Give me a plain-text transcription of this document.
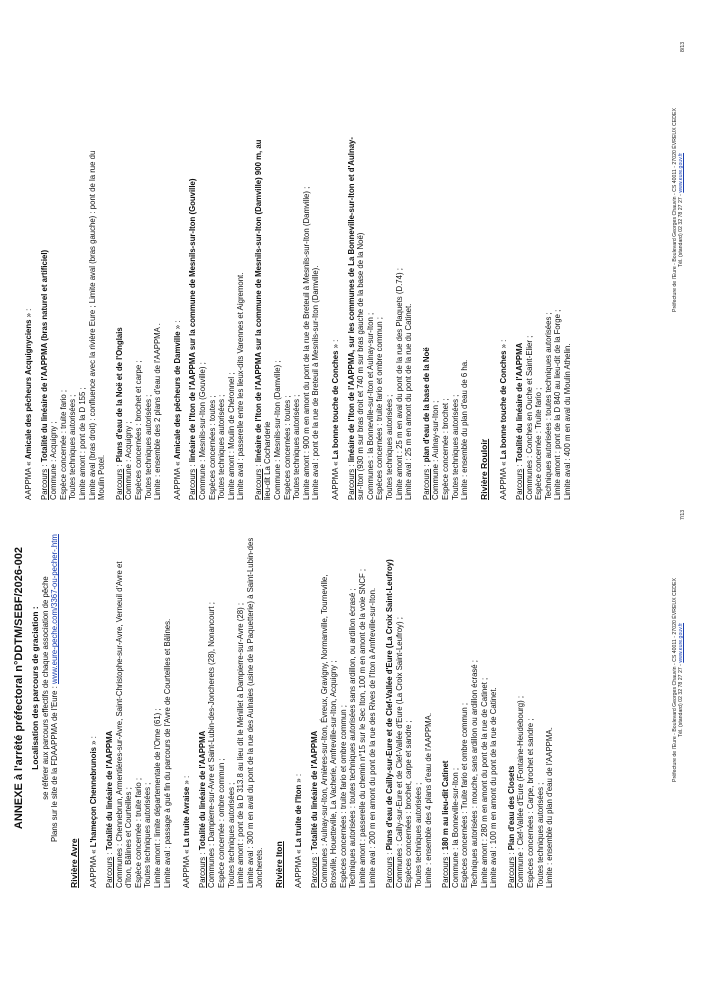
ANNEXE à l'arrêté préfectoral n°DDTM/SEBF/2026-002 Localisation des parcours de graciation : se référer aux parcours effectifs de chaque association de pêche Plans sur le site de la FDAAPPMA de l'Eure : www.eure-peche.com/3367-ou-pecher-.htm

Rivière Avre AAPPMA « L'hameçon Chennebrunois » :

Parcours : Totalité du linéaire de l'AAPPMA Communes : Chennebrun, Armentières-sur-Avre, Saint-Christophe-sur-Avre, Verneuil d'Avre et d'Iton, Bâlines et Courteilles ; Espèce concernée : truite fario ; Toutes techniques autorisées ; Limite amont : limite départementale de l'Orne (61) ; Limite aval : passage à gué fin du parcours de l'Avre de Courteilles et Bâlines. AAPPMA « La truite Avraise » :

Parcours : Totalité du linéaire de l'AAPPMA Communes : Dampierre-sur-Avre et Saint-Lubin-des-Joncherets (28), Nonancourt ; Espèce concernée : ombre commun ; Toutes techniques autorisées ; Limite amont : pont de la D 313.8 au lieu dit le Ménillet à Dampierre-sur-Avre (28) ; Limite aval : 300 m en aval du pont de la rue des Aulnaies (usine de la Paquetterie) à Saint-Lubin-des Joncherets. Rivière Iton AAPPMA « La truite de l'Iton » :

Parcours : Totalité du linéaire de l'AAPPMA Communes : Aulnay-sur-Iton, Arnières-sur-Iton, Évreux, Gravigny, Normanville, Tourneville, Brosville, Houetteville, La Vacherie, Amfreville-sur-Iton, Acquigny ; Espèces concernées : truite fario et ombre commun ; Techniques autorisées : toutes techniques autorisées sans ardillon, ou ardillon écrasé ; Limite amont : passerelle du chemin n°15 sur le Sec Iton, 100 m en amont de la voie SNCF ; Limite aval : 200 m en amont du pont de la rue des Rives de l'Iton à Amfreville-sur-Iton. Parcours : Plans d'eau de Cailly-sur-Eure et de Clef-Vallée d'Eure (La Croix Saint-Leufroy) Communes : Cailly-sur-Eure et de Clef-Vallée d'Eure (La Croix Saint-Leufroy) ; Espèces concernées : brochet, carpe et sandre ; Toutes techniques autorisées ; Limite : ensemble des 4 plans d'eau de l'AAPPMA. Parcours : 180 m au lieu-dit Catinet Commune : la Bonneville-sur-Iton ; Espèces concernées : Truite fario et ombre commun ; Techniques autorisées : mouche, sans ardillon ou ardillon écrasé ; Limite amont : 280 m en amont du pont de la rue de Catinet ; Limite aval : 100 m en amont du pont de la rue de Catinet. Parcours : Plan d'eau des Closets Commune : Clef-Vallée d'Eure (Fontaine-Heudebourg) ; Espèces concernées : Carpe, brochet et sandre ; Toutes techniques autorisées ; Limite : ensemble du plan d'eau de l'AAPPMA.

Préfecture de l'Eure - Boulevard Georges Chauvin - CS 40011 - 27020 ÉVREUX CEDEX Tél. (standard) 02 32 78 27 27 - www.eure.gouv.fr
7/13
AAPPMA « Amicale des pêcheurs Acquignyciens » :

Parcours : Totalité du linéaire de l'AAPPMA (bras naturel et artificiel) Commune : Acquigny ; Espèce concernée : truite fario ; Toutes techniques autorisées ; Limite amont : pont de la D 155 ; Limite aval (bras droit) : confluence avec la rivière Eure ; Limite aval (bras gauche) : pont de la rue du Moulin Potel. Parcours : Plans d'eau de la Noë et de l'Onglais Commune : Acquigny ; Espèces concernées : brochet et carpe ; Toutes techniques autorisées ; Limite : ensemble des 2 plans d'eau de l'AAPPMA . AAPPMA « Amicale des pêcheurs de Damville » :

Parcours : linéaire de l'Iton de l'AAPPMA sur la commune de Mesnils-sur-Iton (Gouville) Commune : Mesnils-sur-Iton (Gouville) ; Espèces concernées : toutes ; Toutes techniques autorisées ; Limite amont : Moulin de Chéronnel ; Limite aval : passerelle entre les lieux-dits Varennes et Aigremont. Parcours : linéaire de l'Iton de l'AAPPMA sur la commune de Mesnils-sur-Iton (Damville) 900 m, au lieu-dit La Cocharderie Commune : Mesnils-sur-Iton (Damville) ; Espèces concernées : toutes ; Toutes techniques autorisées ; Limite amont : 900 m en amont du pont de la rue de Breteuil à Mesnils-sur-Iton (Damville) ; Limite aval : pont de la rue de Breteuil à Mesnils-sur-Iton (Damville). AAPPMA « La bonne touche de Conches » :

Parcours : linéaire de l'Iton de l'AAPPMA, sur les communes de La Bonneville-sur-Iton et d'Aulnay- sur-Iton (930 m sur bras droit et 740 m sur bras gauche de la base de la Noë) Communes : la Bonneville-sur-Iton et Aulnay-sur-Iton ; Espèces concernées : truite fario et ombre commun ; Toutes techniques autorisées ; Limite amont : 25 m en aval du pont de la rue des Plaquets (D.74) ; Limite aval : 25 m en amont du pont de la rue du Catinet. Parcours : plan d'eau de la base de la Noë Commune : Aulnay-sur-Iton ; Espèce concernée : brochet ; Toutes techniques autorisées ; Limite : ensemble du plan d'eau de 6 ha. Rivière Rouloir AAPPMA « La bonne touche de Conches » :

Parcours : Totalité du linéaire de l'AAPPMA Communes : Conches en Ouche et Saint-Elier ; Espèce concernée : Truite fario ; Techniques autorisées : toutes techniques autorisées ; Limite amont : pont de la D 840 au lieu-dit de la Forge ; Limite aval : 400 m en aval du Moulin Athelin.

Préfecture de l'Eure - Boulevard Georges Chauvin - CS 40011 - 27020 ÉVREUX CEDEX Tél. (standard) 02 32 78 27 27 - www.eure.gouv.fr
8/13
